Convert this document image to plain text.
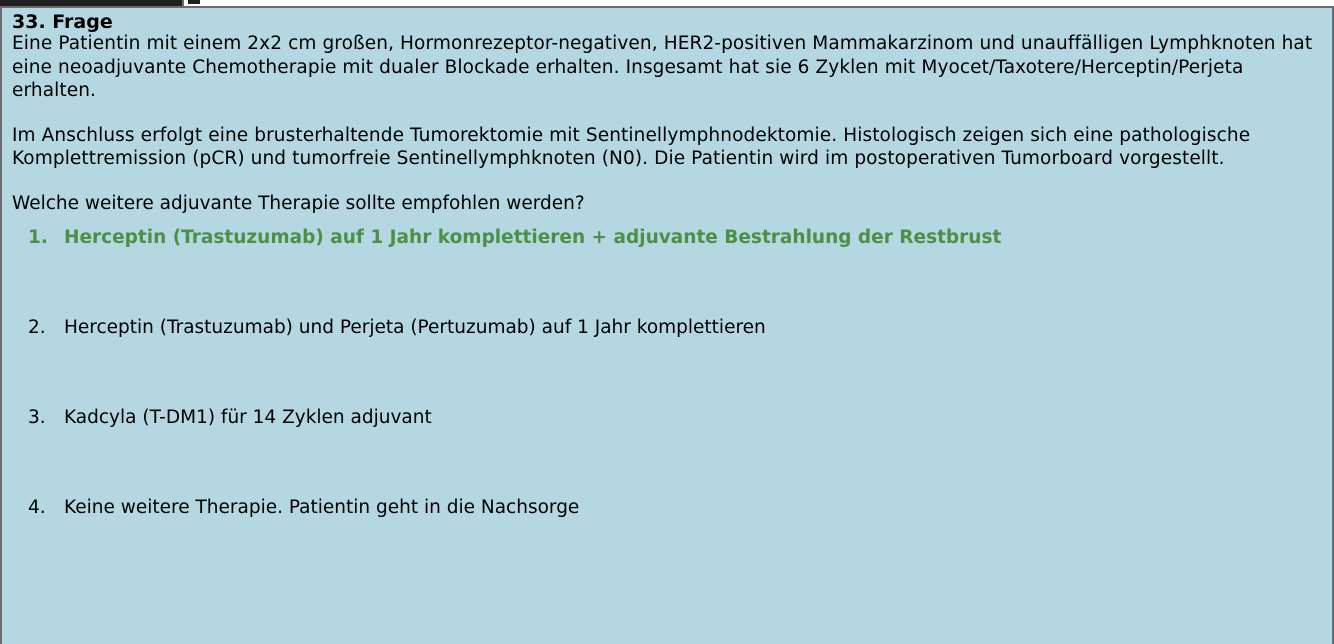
33. Frage

Eine Patientin mit einem 2x2 cm großen, Hormonrezeptor-negativen, HER2-positiven Mammakarzinom und unauffälligen Lymphknoten hat eine neoadjuvante Chemotherapie mit dualer Blockade erhalten. Insgesamt hat sie 6 Zyklen mit Myocet/Taxotere/Herceptin/Perjeta erhalten.

Im Anschluss erfolgt eine brusterhaltende Tumorektomie mit Sentinellymphnodektomie. Histologisch zeigen sich eine pathologische Komplettremission (pCR) und tumorfreie Sentinellymphknoten (N0). Die Patientin wird im postoperativen Tumorboard vorgestellt.

Welche weitere adjuvante Therapie sollte empfohlen werden?

1. Herceptin (Trastuzumab) auf 1 Jahr komplettieren + adjuvante Bestrahlung der Restbrust
2. Herceptin (Trastuzumab) und Perjeta (Pertuzumab) auf 1 Jahr komplettieren
3. Kadcyla (T-DM1) für 14 Zyklen adjuvant
4. Keine weitere Therapie. Patientin geht in die Nachsorge
